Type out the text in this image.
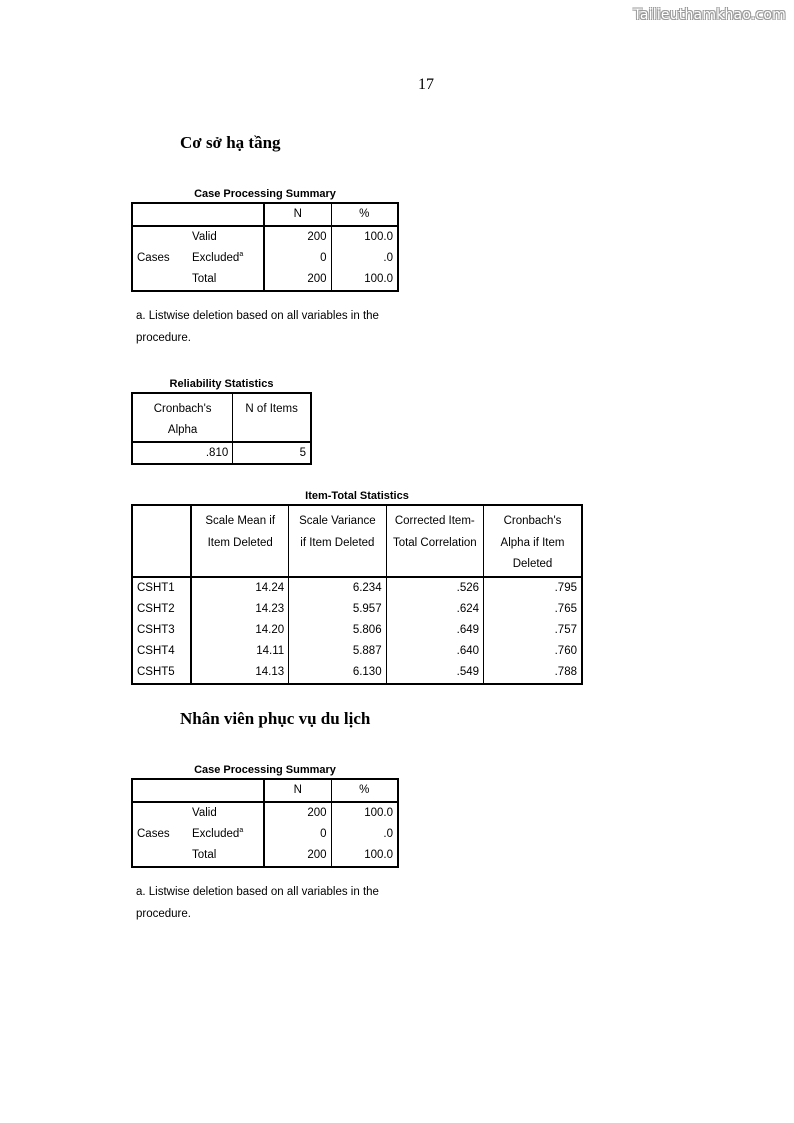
Tailieuthamkhao.com
17
Cơ sở hạ tầng
Case Processing Summary
		N	%
Cases	Valid	200	100.0
	Excluded$^a$	0	.0
	Total	200	100.0
a. Listwise deletion based on all variables in the procedure.
Reliability Statistics
Cronbach's Alpha	N of Items
.810	5
Item-Total Statistics
	Scale Mean if Item Deleted	Scale Variance if Item Deleted	Corrected Item-Total Correlation	Cronbach's Alpha if Item Deleted
CSHT1	14.24	6.234	.526	.795
CSHT2	14.23	5.957	.624	.765
CSHT3	14.20	5.806	.649	.757
CSHT4	14.11	5.887	.640	.760
CSHT5	14.13	6.130	.549	.788
Nhân viên phục vụ du lịch
Case Processing Summary
		N	%
Cases	Valid	200	100.0
	Excluded$^a$	0	.0
	Total	200	100.0
a. Listwise deletion based on all variables in the procedure.
